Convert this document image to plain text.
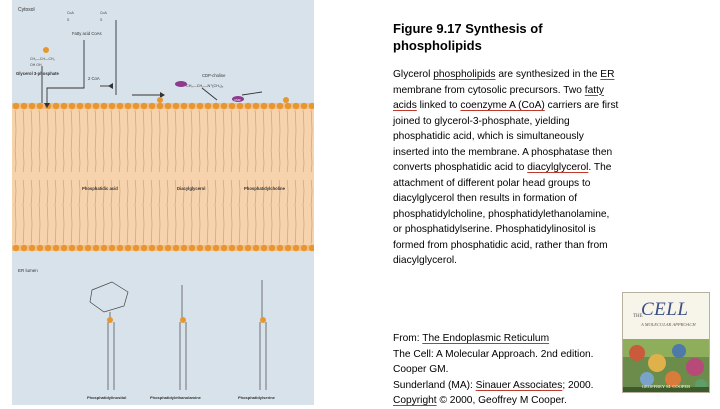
Cytosol
Fatty acid CoAs
Glycerol 3-phosphate
2 CoA
CDP-choline
CH₂—CH₂—N⁺(CH₃)₃
ER lumen
CMP
CoA	CoA
S	S
CH₂—CH—CH₂
OH OH
Phosphatidic acid	Diacylglycerol	Phosphatidylcholine
Phosphatidylinositol	Phosphatidylethanolamine	Phosphatidylserine
Figure 9.17 Synthesis of phospholipids
Glycerol phospholipids are synthesized in the ER membrane from cytosolic precursors. Two fatty acids linked to coenzyme A (CoA) carriers are first joined to glycerol-3-phosphate, yielding phosphatidic acid, which is simultaneously inserted into the membrane. A phosphatase then converts phosphatidic acid to diacylglycerol. The attachment of different polar head groups to diacylglycerol then results in formation of phosphatidylcholine, phosphatidylethanolamine, or phosphatidylserine. Phosphatidylinositol is formed from phosphatidic acid, rather than from diacylglycerol.
From: The Endoplasmic Reticulum
The Cell: A Molecular Approach. 2nd edition.
Cooper GM.
Sunderland (MA): Sinauer Associates; 2000.
Copyright © 2000, Geoffrey M Cooper.
THE
CELL
A MOLECULAR APPROACH
GEOFFREY M. COOPER
